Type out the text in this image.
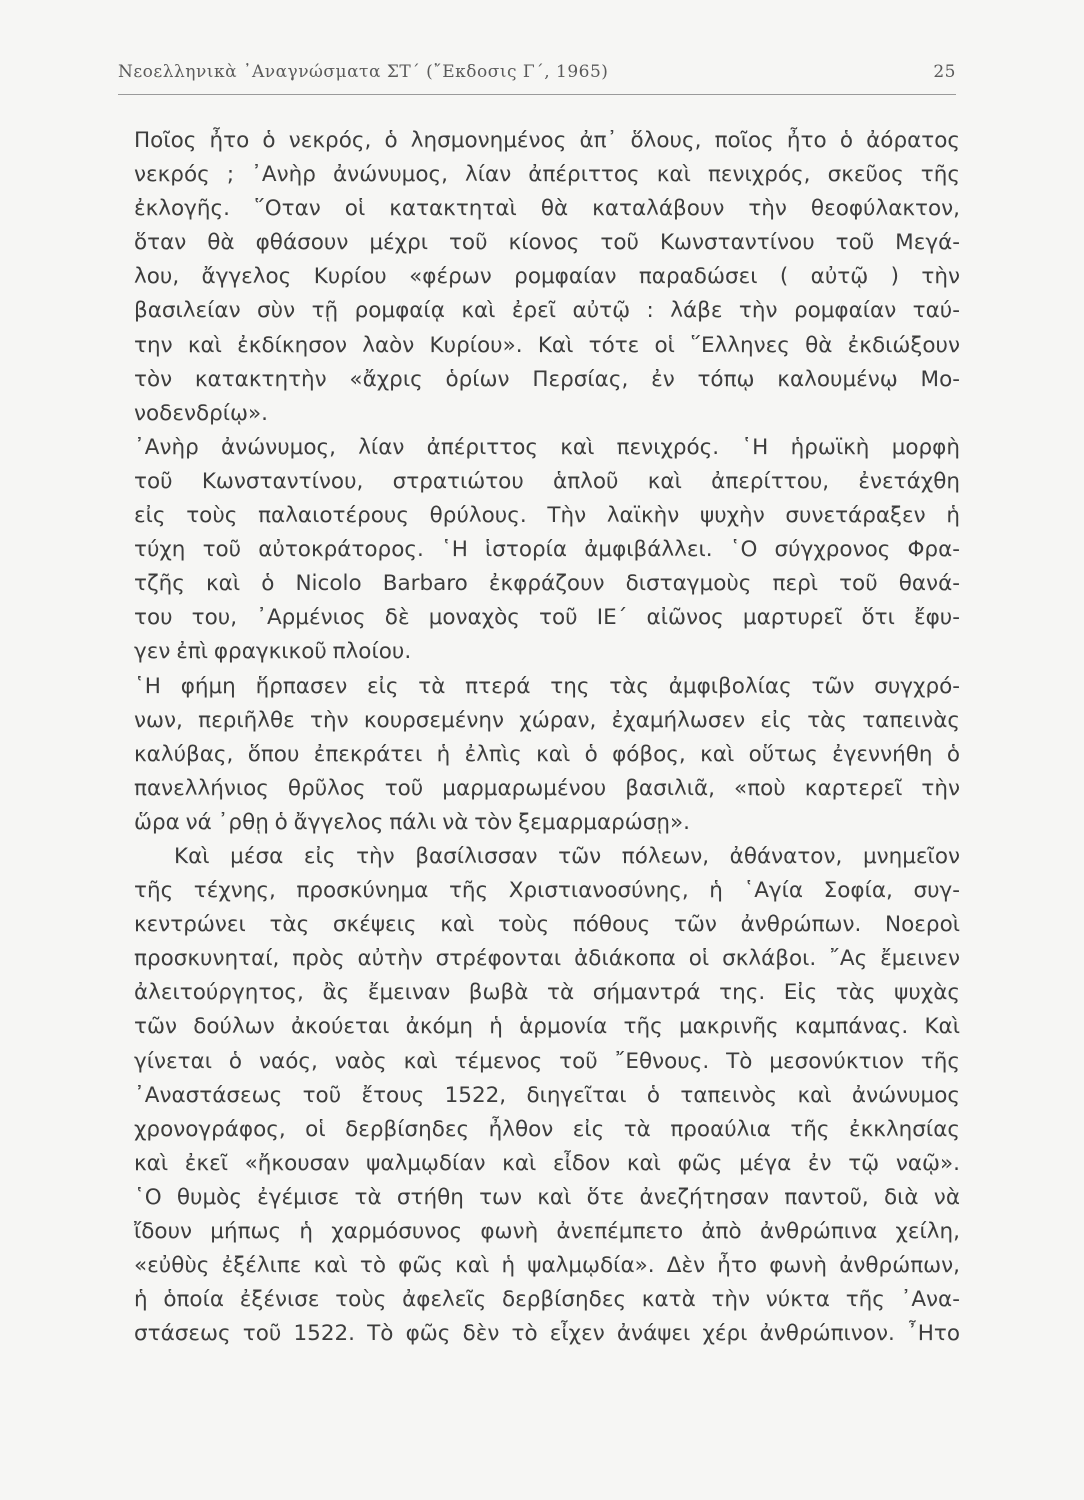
Νεοελληνικὰ ᾿Αναγνώσματα ΣΤ΄ (῎Εκδοσις Γ΄, 1965)	25
Ποῖος ἦτο ὁ νεκρός, ὁ λησμονημένος ἀπ᾿ ὅλους, ποῖος ἦτο ὁ ἀόρατος
νεκρός ; ᾿Ανὴρ ἀνώνυμος, λίαν ἀπέριττος καὶ πενιχρός, σκεῦος τῆς
ἐκλογῆς. ῞Οταν οἱ κατακτηταὶ θὰ καταλάβουν τὴν θεοφύλακτον,
ὅταν θὰ φθάσουν μέχρι τοῦ κίονος τοῦ Κωνσταντίνου τοῦ Μεγά-
λου, ἄγγελος Κυρίου «φέρων ρομφαίαν παραδώσει ( αὐτῷ ) τὴν
βασιλείαν σὺν τῇ ρομφαίᾳ καὶ ἐρεῖ αὐτῷ : λάβε τὴν ρομφαίαν ταύ-
την καὶ ἐκδίκησον λαὸν Κυρίου». Καὶ τότε οἱ ῞Ελληνες θὰ ἐκδιώξουν
τὸν κατακτητὴν «ἄχρις ὁρίων Περσίας, ἐν τόπῳ καλουμένῳ Μο-
νοδενδρίῳ».
᾿Ανὴρ ἀνώνυμος, λίαν ἀπέριττος καὶ πενιχρός. ῾Η ἡρωϊκὴ μορφὴ
τοῦ Κωνσταντίνου, στρατιώτου ἁπλοῦ καὶ ἀπερίττου, ἐνετάχθη
εἰς τοὺς παλαιοτέρους θρύλους. Τὴν λαϊκὴν ψυχὴν συνετάραξεν ἡ
τύχη τοῦ αὐτοκράτορος. ῾Η ἱστορία ἀμφιβάλλει. ῾Ο σύγχρονος Φρα-
τζῆς καὶ ὁ Nicolo Barbaro ἐκφράζουν δισταγμοὺς περὶ τοῦ θανά-
του του, ᾿Αρμένιος δὲ μοναχὸς τοῦ ΙΕ΄ αἰῶνος μαρτυρεῖ ὅτι ἔφυ-
γεν ἐπὶ φραγκικοῦ πλοίου.
῾Η φήμη ἥρπασεν εἰς τὰ πτερά της τὰς ἀμφιβολίας τῶν συγχρό-
νων, περιῆλθε τὴν κουρσεμένην χώραν, ἐχαμήλωσεν εἰς τὰς ταπεινὰς
καλύβας, ὅπου ἐπεκράτει ἡ ἐλπὶς καὶ ὁ φόβος, καὶ οὕτως ἐγεννήθη ὁ
πανελλήνιος θρῦλος τοῦ μαρμαρωμένου βασιλιᾶ, «ποὺ καρτερεῖ τὴν
ὥρα νά ᾿ρθῃ ὁ ἄγγελος πάλι νὰ τὸν ξεμαρμαρώσῃ».
Καὶ μέσα εἰς τὴν βασίλισσαν τῶν πόλεων, ἀθάνατον, μνημεῖον
τῆς τέχνης, προσκύνημα τῆς Χριστιανοσύνης, ἡ ῾Αγία Σοφία, συγ-
κεντρώνει τὰς σκέψεις καὶ τοὺς πόθους τῶν ἀνθρώπων. Νοεροὶ
προσκυνηταί, πρὸς αὐτὴν στρέφονται ἀδιάκοπα οἱ σκλάβοι. ῎Ας ἔμεινεν
ἀλειτούργητος, ἂς ἔμειναν βωβὰ τὰ σήμαντρά της. Εἰς τὰς ψυχὰς
τῶν δούλων ἀκούεται ἀκόμη ἡ ἁρμονία τῆς μακρινῆς καμπάνας. Καὶ
γίνεται ὁ ναός, ναὸς καὶ τέμενος τοῦ ῎Εθνους. Τὸ μεσονύκτιον τῆς
᾿Αναστάσεως τοῦ ἔτους 1522, διηγεῖται ὁ ταπεινὸς καὶ ἀνώνυμος
χρονογράφος, οἱ δερβίσηδες ἦλθον εἰς τὰ προαύλια τῆς ἐκκλησίας
καὶ ἐκεῖ «ἤκουσαν ψαλμῳδίαν καὶ εἶδον καὶ φῶς μέγα ἐν τῷ ναῷ».
῾Ο θυμὸς ἐγέμισε τὰ στήθη των καὶ ὅτε ἀνεζήτησαν παντοῦ, διὰ νὰ
ἴδουν μήπως ἡ χαρμόσυνος φωνὴ ἀνεπέμπετο ἀπὸ ἀνθρώπινα χείλη,
«εὐθὺς ἐξέλιπε καὶ τὸ φῶς καὶ ἡ ψαλμῳδία». Δὲν ἦτο φωνὴ ἀνθρώπων,
ἡ ὁποία ἐξένισε τοὺς ἀφελεῖς δερβίσηδες κατὰ τὴν νύκτα τῆς ᾿Ανα-
στάσεως τοῦ 1522. Τὸ φῶς δὲν τὸ εἶχεν ἀνάψει χέρι ἀνθρώπινον. ῏Ητο
